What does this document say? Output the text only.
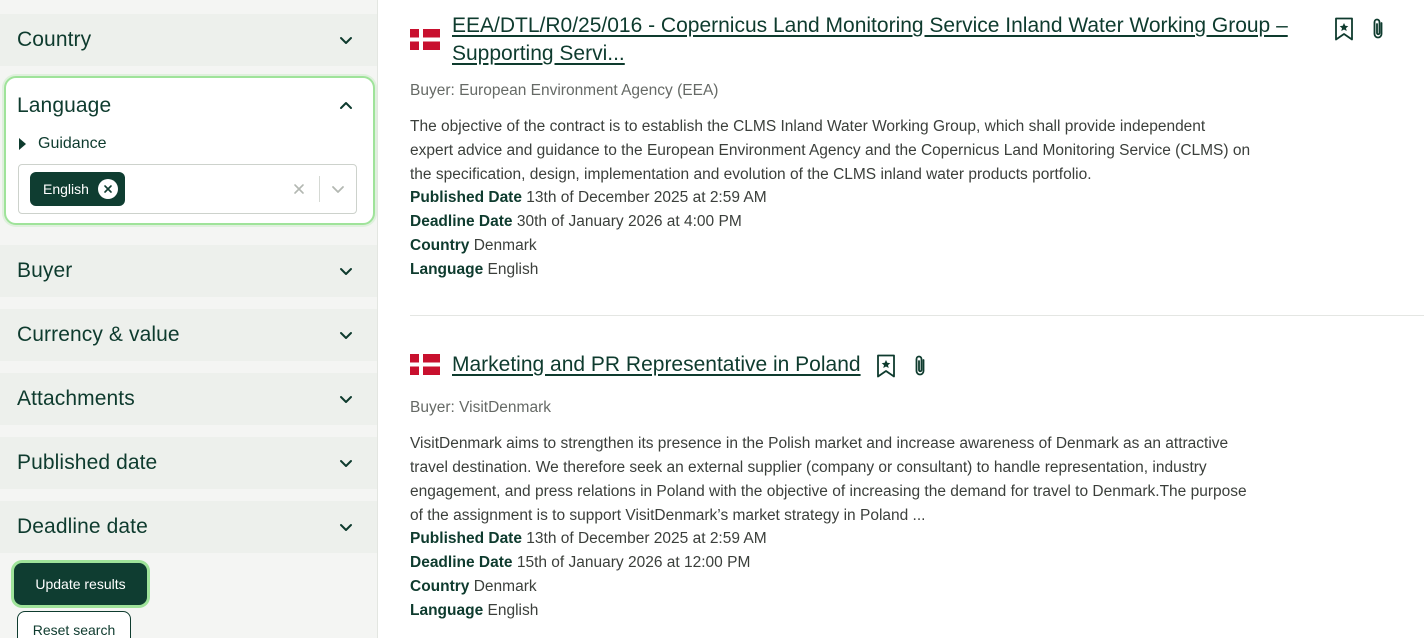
Country
Language
Guidance
English
Buyer
Currency & value
Attachments
Published date
Deadline date
Update results
Reset search
EEA/DTL/R0/25/016 - Copernicus Land Monitoring Service Inland Water Working Group –
Supporting Servi...
Buyer: European Environment Agency (EEA)
The objective of the contract is to establish the CLMS Inland Water Working Group, which shall provide independent
expert advice and guidance to the European Environment Agency and the Copernicus Land Monitoring Service (CLMS) on
the specification, design, implementation and evolution of the CLMS inland water products portfolio.
Published Date 13th of December 2025 at 2:59 AM
Deadline Date 30th of January 2026 at 4:00 PM
Country Denmark
Language English
Marketing and PR Representative in Poland
Buyer: VisitDenmark
VisitDenmark aims to strengthen its presence in the Polish market and increase awareness of Denmark as an attractive
travel destination. We therefore seek an external supplier (company or consultant) to handle representation, industry
engagement, and press relations in Poland with the objective of increasing the demand for travel to Denmark.The purpose
of the assignment is to support VisitDenmark’s market strategy in Poland ...
Published Date 13th of December 2025 at 2:59 AM
Deadline Date 15th of January 2026 at 12:00 PM
Country Denmark
Language English
